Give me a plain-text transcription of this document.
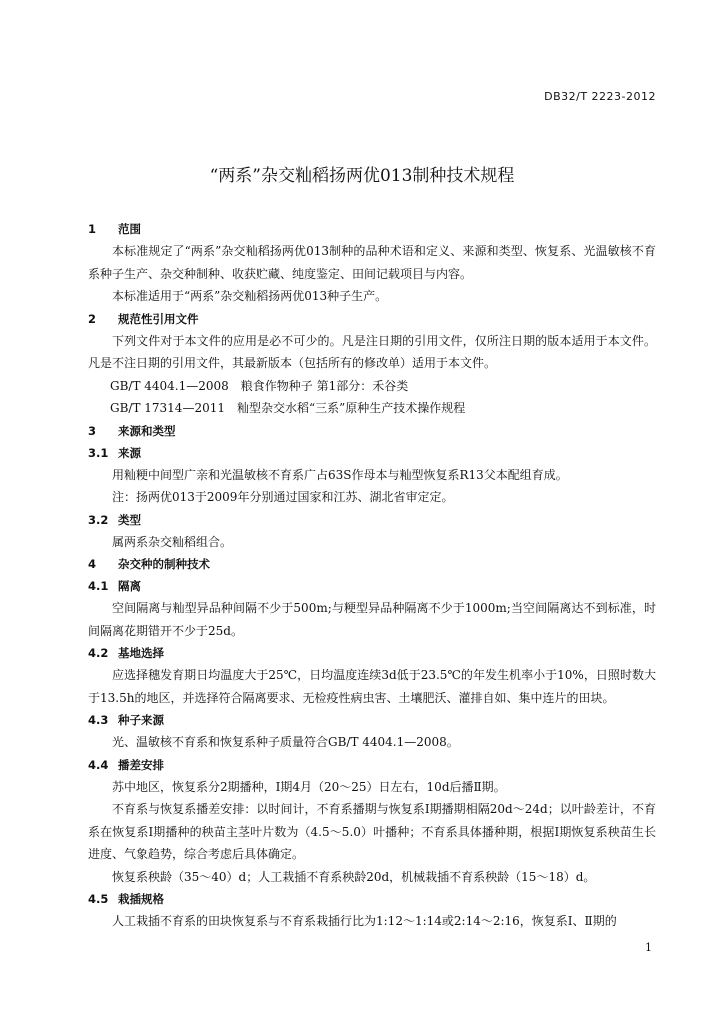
DB32/T 2223-2012
“两系”杂交籼稻扬两优013制种技术规程
1 范围
本标准规定了“两系”杂交籼稻扬两优013制种的品种术语和定义、来源和类型、恢复系、光温敏核不育系种子生产、杂交种制种、收获贮藏、纯度鉴定、田间记载项目与内容。
本标准适用于“两系”杂交籼稻扬两优013种子生产。
2 规范性引用文件
下列文件对于本文件的应用是必不可少的。凡是注日期的引用文件，仅所注日期的版本适用于本文件。凡是不注日期的引用文件，其最新版本（包括所有的修改单）适用于本文件。
GB/T 4404.1—2008　粮食作物种子 第1部分：禾谷类
GB/T 17314—2011　籼型杂交水稻“三系”原种生产技术操作规程
3 来源和类型
3.1 来源
用籼粳中间型广亲和光温敏核不育系广占63S作母本与籼型恢复系R13父本配组育成。
注：扬两优013于2009年分别通过国家和江苏、湖北省审定定。
3.2 类型
属两系杂交籼稻组合。
4 杂交种的制种技术
4.1 隔离
空间隔离与籼型异品种间隔不少于500m;与粳型异品种隔离不少于1000m;当空间隔离达不到标准，时间隔离花期错开不少于25d。
4.2 基地选择
应选择穗发育期日均温度大于25℃，日均温度连续3d低于23.5℃的年发生机率小于10%，日照时数大于13.5h的地区，并选择符合隔离要求、无检疫性病虫害、土壤肥沃、灌排自如、集中连片的田块。
4.3 种子来源
光、温敏核不育系和恢复系种子质量符合GB/T 4404.1—2008。
4.4 播差安排
苏中地区，恢复系分2期播种，Ⅰ期4月（20～25）日左右，10d后播Ⅱ期。
不育系与恢复系播差安排：以时间计，不育系播期与恢复系Ⅰ期播期相隔20d～24d；以叶龄差计，不育系在恢复系Ⅰ期播种的秧苗主茎叶片数为（4.5～5.0）叶播种；不育系具体播种期，根据Ⅰ期恢复系秧苗生长进度、气象趋势，综合考虑后具体确定。
恢复系秧龄（35～40）d；人工栽插不育系秧龄20d，机械栽插不育系秧龄（15～18）d。
4.5 栽插规格
人工栽插不育系的田块恢复系与不育系栽插行比为1:12～1:14或2:14～2:16，恢复系Ⅰ、Ⅱ期的
1
